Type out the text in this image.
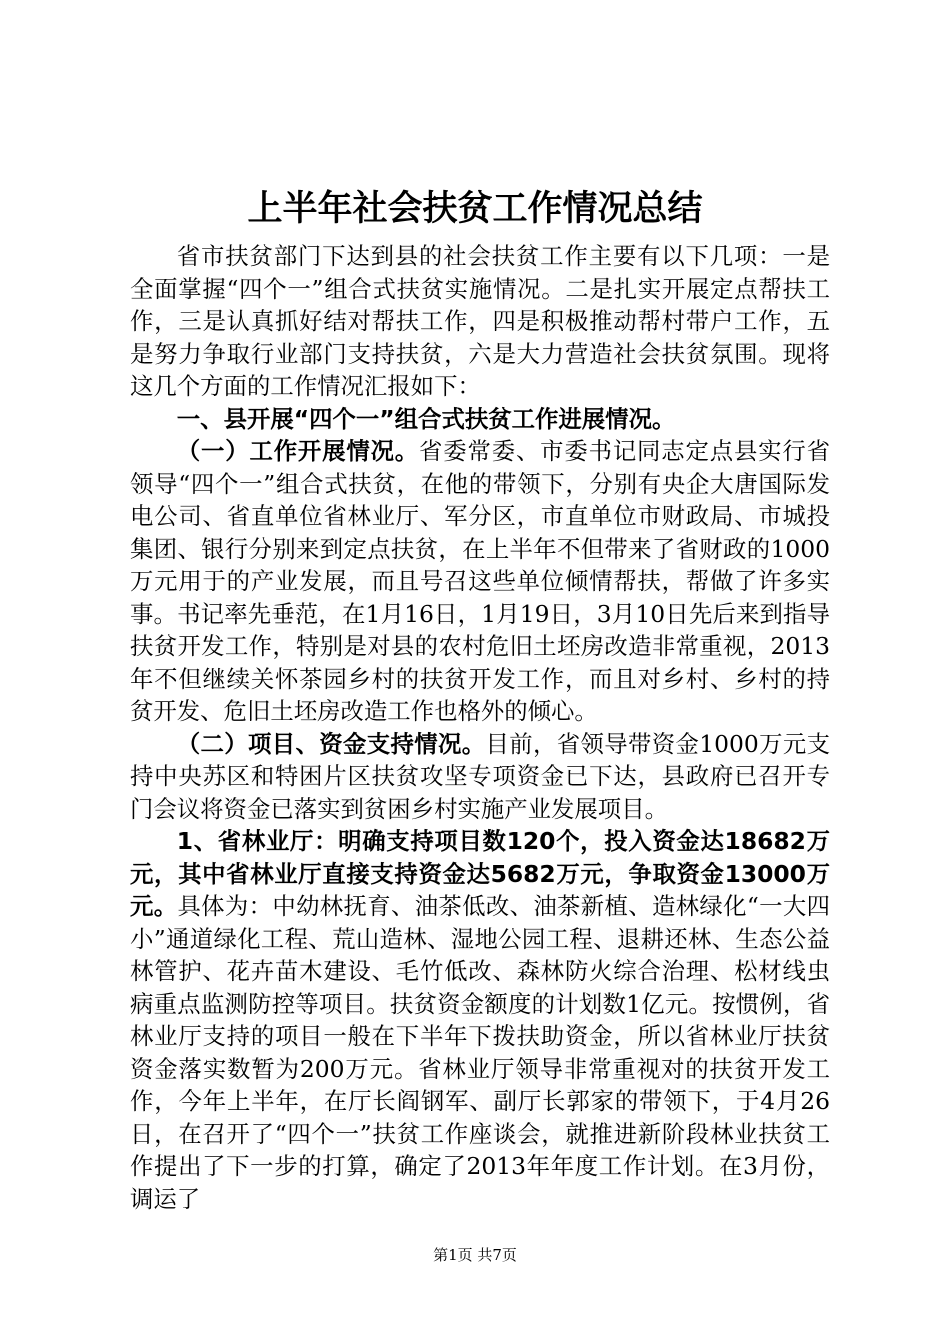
上半年社会扶贫工作情况总结

省市扶贫部门下达到县的社会扶贫工作主要有以下几项：一是全面掌握“四个一”组合式扶贫实施情况。二是扎实开展定点帮扶工作，三是认真抓好结对帮扶工作，四是积极推动帮村带户工作，五是努力争取行业部门支持扶贫，六是大力营造社会扶贫氛围。现将这几个方面的工作情况汇报如下：

一、县开展“四个一”组合式扶贫工作进展情况。

（一）工作开展情况。省委常委、市委书记同志定点县实行省领导“四个一”组合式扶贫，在他的带领下，分别有央企大唐国际发电公司、省直单位省林业厅、军分区，市直单位市财政局、市城投集团、银行分别来到定点扶贫，在上半年不但带来了省财政的1000万元用于的产业发展，而且号召这些单位倾情帮扶，帮做了许多实事。书记率先垂范，在1月16日，1月19日，3月10日先后来到指导扶贫开发工作，特别是对县的农村危旧土坯房改造非常重视，2013年不但继续关怀茶园乡村的扶贫开发工作，而且对乡村、乡村的持贫开发、危旧土坯房改造工作也格外的倾心。

（二）项目、资金支持情况。目前，省领导带资金1000万元支持中央苏区和特困片区扶贫攻坚专项资金已下达，县政府已召开专门会议将资金已落实到贫困乡村实施产业发展项目。

1、省林业厅：明确支持项目数120个，投入资金达18682万元，其中省林业厅直接支持资金达5682万元，争取资金13000万元。具体为：中幼林抚育、油茶低改、油茶新植、造林绿化“一大四小”通道绿化工程、荒山造林、湿地公园工程、退耕还林、生态公益林管护、花卉苗木建设、毛竹低改、森林防火综合治理、松材线虫病重点监测防控等项目。扶贫资金额度的计划数1亿元。按惯例，省林业厅支持的项目一般在下半年下拨扶助资金，所以省林业厅扶贫资金落实数暂为200万元。省林业厅领导非常重视对的扶贫开发工作，今年上半年，在厅长阎钢军、副厅长郭家的带领下，于4月26日，在召开了“四个一”扶贫工作座谈会，就推进新阶段林业扶贫工作提出了下一步的打算，确定了2013年年度工作计划。在3月份，调运了

第1页 共7页
